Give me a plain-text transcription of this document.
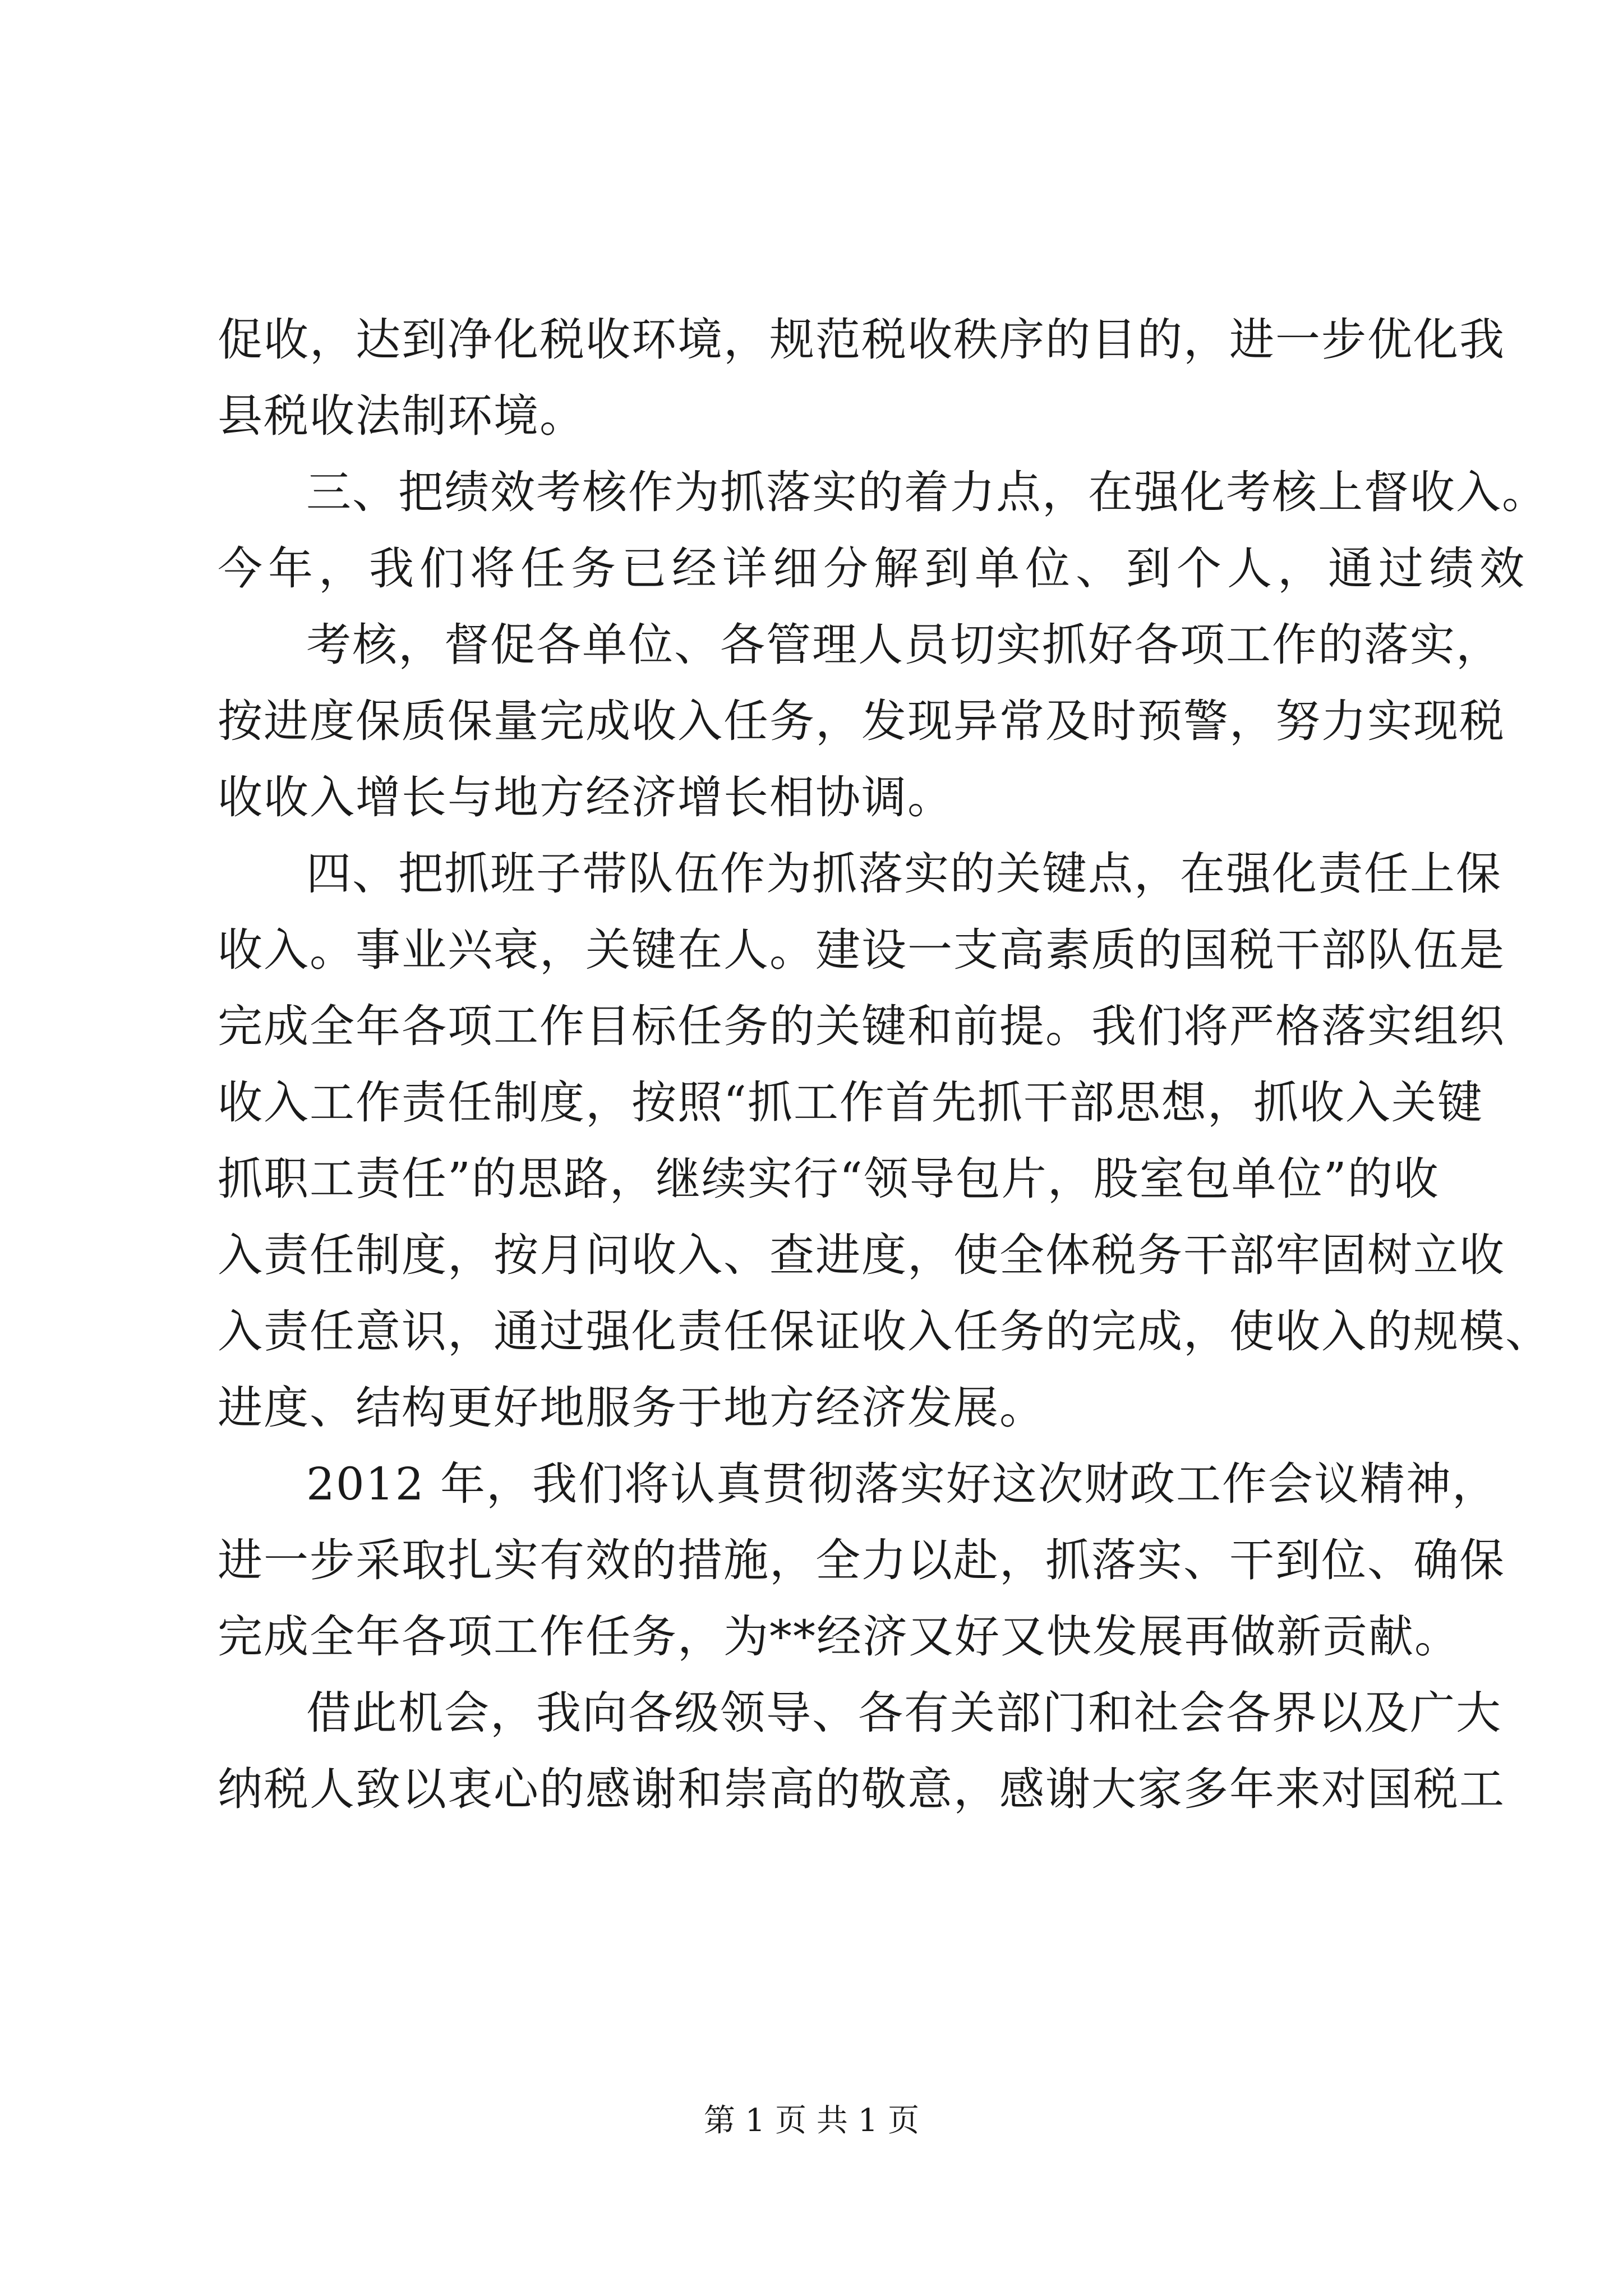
促收，达到净化税收环境，规范税收秩序的目的，进一步优化我
县税收法制环境。
三、把绩效考核作为抓落实的着力点，在强化考核上督收入。
今年，我们将任务已经详细分解到单位、到个人，通过绩效
考核，督促各单位、各管理人员切实抓好各项工作的落实，
按进度保质保量完成收入任务，发现异常及时预警，努力实现税
收收入增长与地方经济增长相协调。
四、把抓班子带队伍作为抓落实的关键点，在强化责任上保
收入。事业兴衰，关键在人。建设一支高素质的国税干部队伍是
完成全年各项工作目标任务的关键和前提。我们将严格落实组织
收入工作责任制度，按照“抓工作首先抓干部思想，抓收入关键
抓职工责任”的思路，继续实行“领导包片，股室包单位”的收
入责任制度，按月问收入、查进度，使全体税务干部牢固树立收
入责任意识，通过强化责任保证收入任务的完成，使收入的规模、
进度、结构更好地服务于地方经济发展。
2012 年，我们将认真贯彻落实好这次财政工作会议精神，
进一步采取扎实有效的措施，全力以赴，抓落实、干到位、确保
完成全年各项工作任务，为**经济又好又快发展再做新贡献。
借此机会，我向各级领导、各有关部门和社会各界以及广大
纳税人致以衷心的感谢和崇高的敬意，感谢大家多年来对国税工
第 1 页 共 1 页
